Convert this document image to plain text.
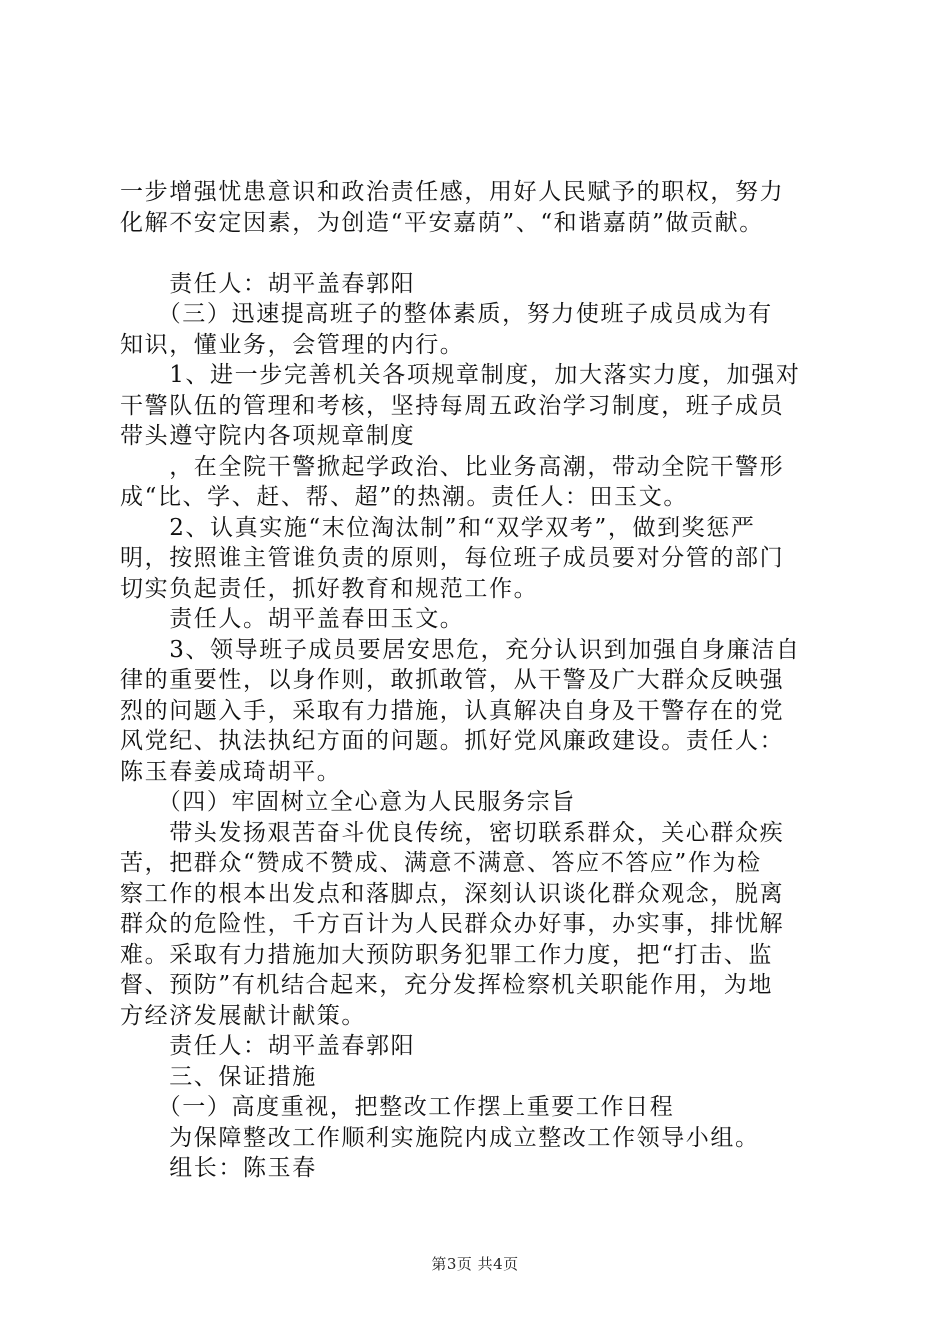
一步增强忧患意识和政治责任感，用好人民赋予的职权，努力
化解不安定因素，为创造“平安嘉荫”、“和谐嘉荫”做贡献。
　　责任人：胡平盖春郭阳
　　（三）迅速提高班子的整体素质，努力使班子成员成为有
知识，懂业务，会管理的内行。
　　1、进一步完善机关各项规章制度，加大落实力度，加强对
干警队伍的管理和考核，坚持每周五政治学习制度，班子成员
带头遵守院内各项规章制度
　　，在全院干警掀起学政治、比业务高潮，带动全院干警形
成“比、学、赶、帮、超”的热潮。责任人：田玉文。
　　2、认真实施“末位淘汰制”和“双学双考”，做到奖惩严
明，按照谁主管谁负责的原则，每位班子成员要对分管的部门
切实负起责任，抓好教育和规范工作。
　　责任人。胡平盖春田玉文。
　　3、领导班子成员要居安思危，充分认识到加强自身廉洁自
律的重要性，以身作则，敢抓敢管，从干警及广大群众反映强
烈的问题入手，采取有力措施，认真解决自身及干警存在的党
风党纪、执法执纪方面的问题。抓好党风廉政建设。责任人：
陈玉春姜成琦胡平。
　　（四）牢固树立全心意为人民服务宗旨
　　带头发扬艰苦奋斗优良传统，密切联系群众，关心群众疾
苦，把群众“赞成不赞成、满意不满意、答应不答应”作为检
察工作的根本出发点和落脚点，深刻认识谈化群众观念，脱离
群众的危险性，千方百计为人民群众办好事，办实事，排忧解
难。采取有力措施加大预防职务犯罪工作力度，把“打击、监
督、预防”有机结合起来，充分发挥检察机关职能作用，为地
方经济发展献计献策。
　　责任人：胡平盖春郭阳
　　三、保证措施
　　（一）高度重视，把整改工作摆上重要工作日程
　　为保障整改工作顺利实施院内成立整改工作领导小组。
　　组长：陈玉春
第3页 共4页
